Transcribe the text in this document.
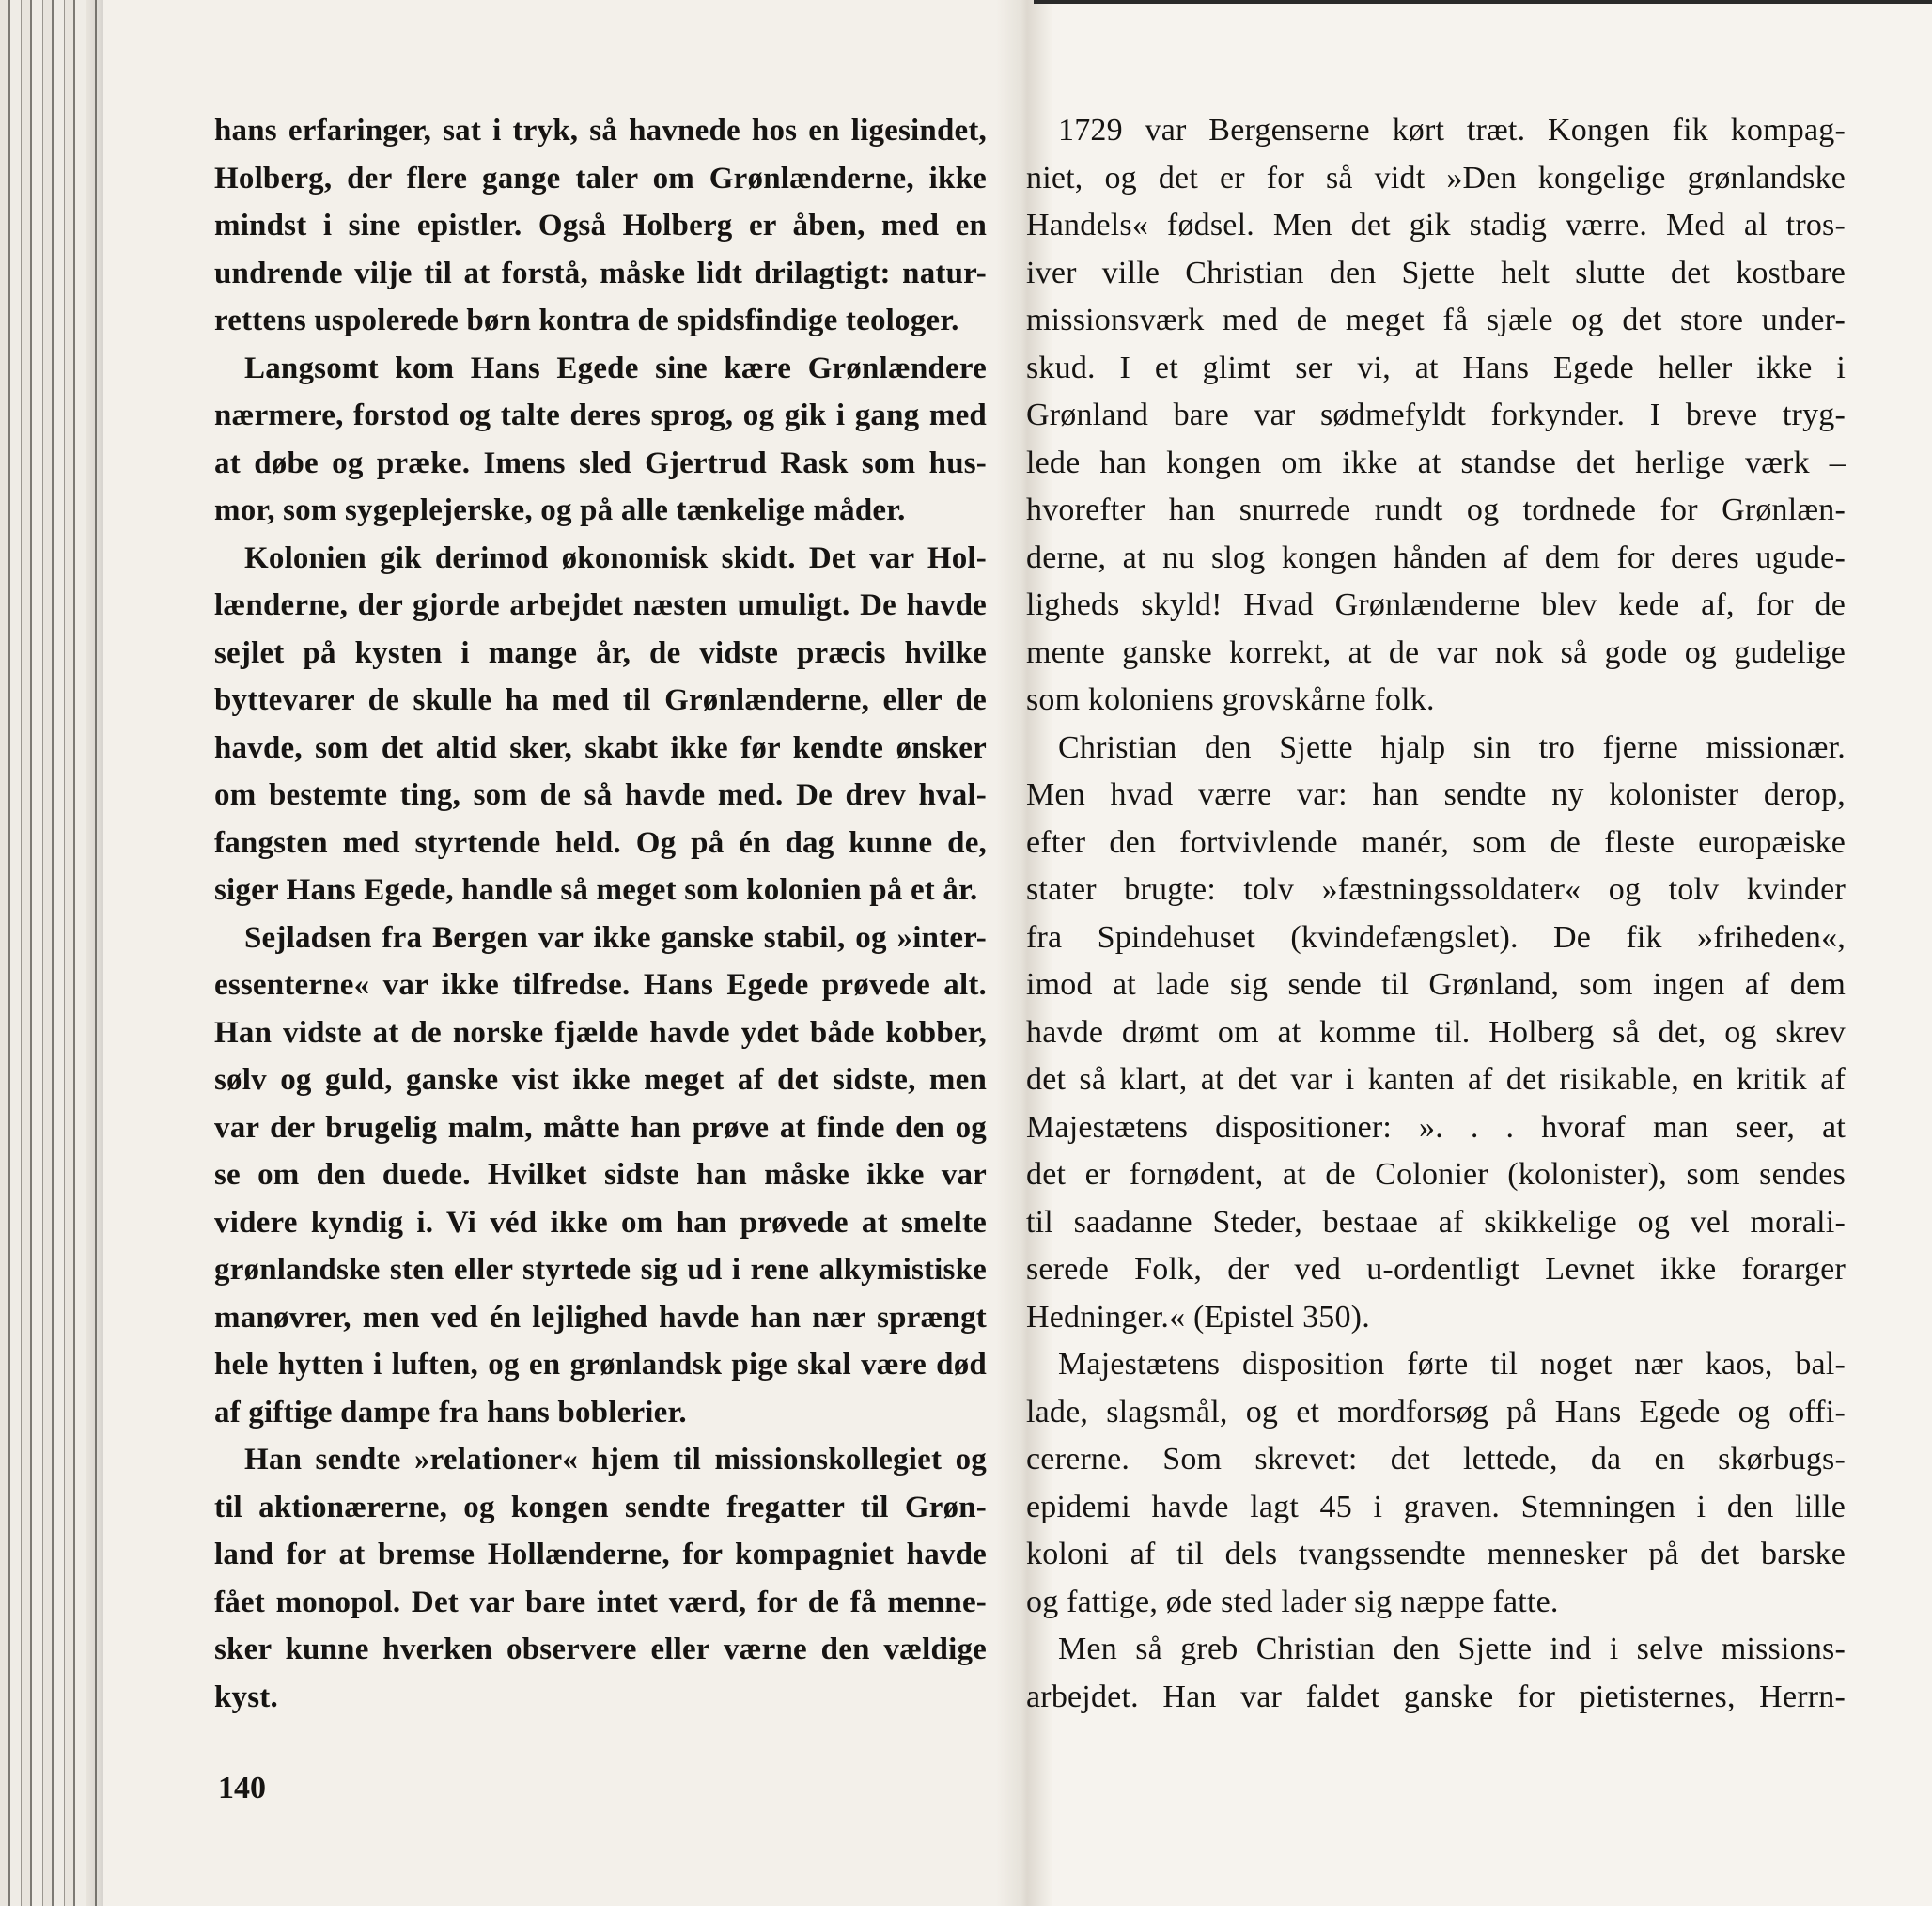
hans erfaringer, sat i tryk, så havnede hos en ligesindet,
Holberg, der flere gange taler om Grønlænderne, ikke
mindst i sine epistler. Også Holberg er åben, med en
undrende vilje til at forstå, måske lidt drilagtigt: natur-
rettens uspolerede børn kontra de spidsfindige teologer.
Langsomt kom Hans Egede sine kære Grønlændere
nærmere, forstod og talte deres sprog, og gik i gang med
at døbe og præke. Imens sled Gjertrud Rask som hus-
mor, som sygeplejerske, og på alle tænkelige måder.
Kolonien gik derimod økonomisk skidt. Det var Hol-
lænderne, der gjorde arbejdet næsten umuligt. De havde
sejlet på kysten i mange år, de vidste præcis hvilke
byttevarer de skulle ha med til Grønlænderne, eller de
havde, som det altid sker, skabt ikke før kendte ønsker
om bestemte ting, som de så havde med. De drev hval-
fangsten med styrtende held. Og på én dag kunne de,
siger Hans Egede, handle så meget som kolonien på et år.
Sejladsen fra Bergen var ikke ganske stabil, og »inter-
essenterne« var ikke tilfredse. Hans Egede prøvede alt.
Han vidste at de norske fjælde havde ydet både kobber,
sølv og guld, ganske vist ikke meget af det sidste, men
var der brugelig malm, måtte han prøve at finde den og
se om den duede. Hvilket sidste han måske ikke var
videre kyndig i. Vi véd ikke om han prøvede at smelte
grønlandske sten eller styrtede sig ud i rene alkymistiske
manøvrer, men ved én lejlighed havde han nær sprængt
hele hytten i luften, og en grønlandsk pige skal være død
af giftige dampe fra hans boblerier.
Han sendte »relationer« hjem til missionskollegiet og
til aktionærerne, og kongen sendte fregatter til Grøn-
land for at bremse Hollænderne, for kompagniet havde
fået monopol. Det var bare intet værd, for de få menne-
sker kunne hverken observere eller værne den vældige
kyst.
1729 var Bergenserne kørt træt. Kongen fik kompag-
niet, og det er for så vidt »Den kongelige grønlandske
Handels« fødsel. Men det gik stadig værre. Med al tros-
iver ville Christian den Sjette helt slutte det kostbare
missionsværk med de meget få sjæle og det store under-
skud. I et glimt ser vi, at Hans Egede heller ikke i
Grønland bare var sødmefyldt forkynder. I breve tryg-
lede han kongen om ikke at standse det herlige værk –
hvorefter han snurrede rundt og tordnede for Grønlæn-
derne, at nu slog kongen hånden af dem for deres ugude-
ligheds skyld! Hvad Grønlænderne blev kede af, for de
mente ganske korrekt, at de var nok så gode og gudelige
som koloniens grovskårne folk.
Christian den Sjette hjalp sin tro fjerne missionær.
Men hvad værre var: han sendte ny kolonister derop,
efter den fortvivlende manér, som de fleste europæiske
stater brugte: tolv »fæstningssoldater« og tolv kvinder
fra Spindehuset (kvindefængslet). De fik »friheden«,
imod at lade sig sende til Grønland, som ingen af dem
havde drømt om at komme til. Holberg så det, og skrev
det så klart, at det var i kanten af det risikable, en kritik af
Majestætens dispositioner: ». . . hvoraf man seer, at
det er fornødent, at de Colonier (kolonister), som sendes
til saadanne Steder, bestaae af skikkelige og vel morali-
serede Folk, der ved u-ordentligt Levnet ikke forarger
Hedninger.« (Epistel 350).
Majestætens disposition førte til noget nær kaos, bal-
lade, slagsmål, og et mordforsøg på Hans Egede og offi-
cererne. Som skrevet: det lettede, da en skørbugs-
epidemi havde lagt 45 i graven. Stemningen i den lille
koloni af til dels tvangssendte mennesker på det barske
og fattige, øde sted lader sig næppe fatte.
Men så greb Christian den Sjette ind i selve missions-
arbejdet. Han var faldet ganske for pietisternes, Herrn-
140
